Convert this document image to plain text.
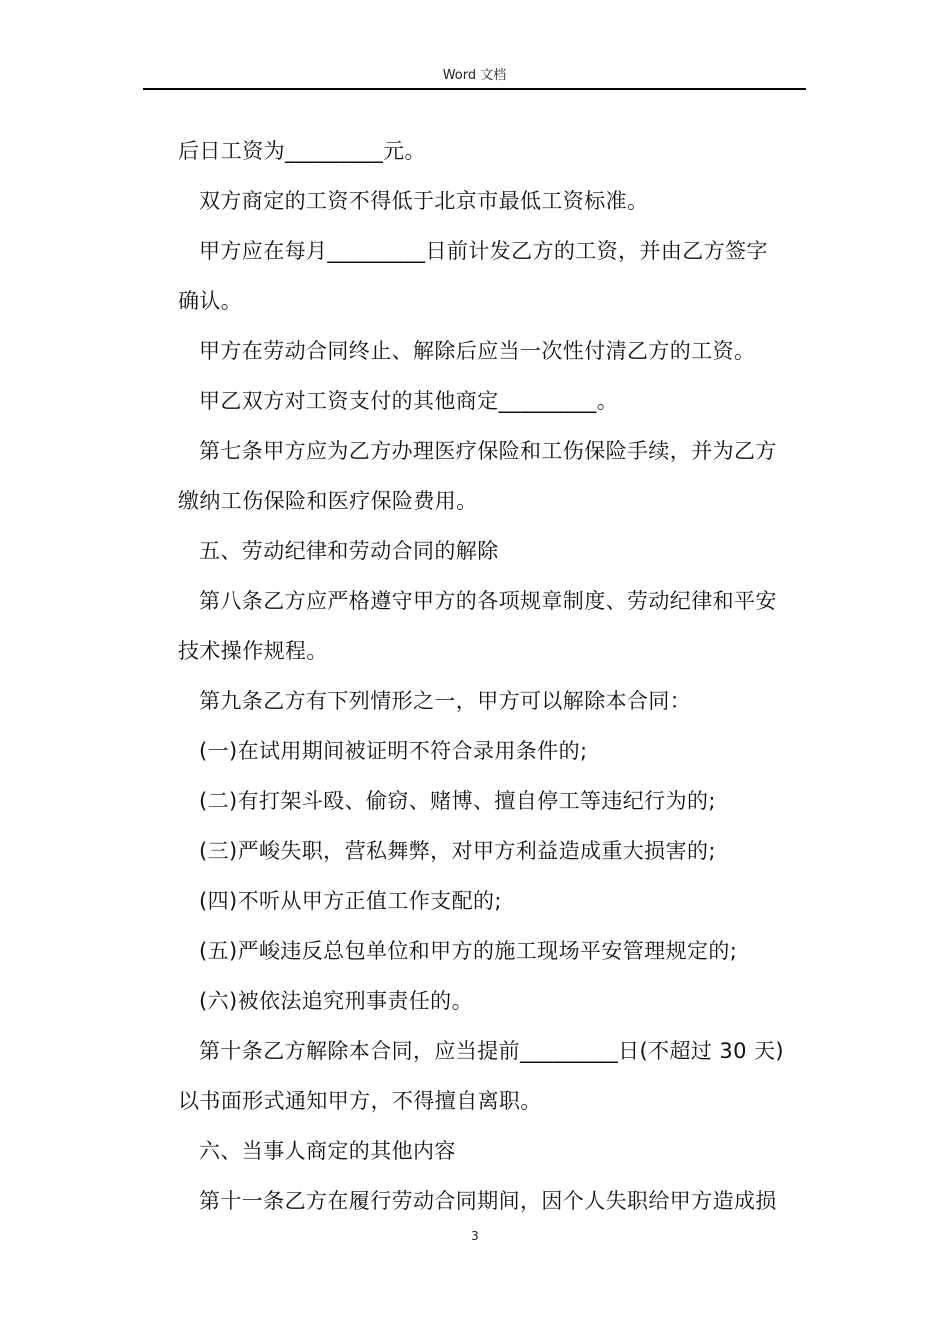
Word 文档

后日工资为_________元。

双方商定的工资不得低于北京市最低工资标准。

甲方应在每月_________日前计发乙方的工资，并由乙方签字

确认。

甲方在劳动合同终止、解除后应当一次性付清乙方的工资。

甲乙双方对工资支付的其他商定_________。

第七条甲方应为乙方办理医疗保险和工伤保险手续，并为乙方

缴纳工伤保险和医疗保险费用。

五、劳动纪律和劳动合同的解除

第八条乙方应严格遵守甲方的各项规章制度、劳动纪律和平安

技术操作规程。

第九条乙方有下列情形之一，甲方可以解除本合同：

(一)在试用期间被证明不符合录用条件的;

(二)有打架斗殴、偷窃、赌博、擅自停工等违纪行为的;

(三)严峻失职，营私舞弊，对甲方利益造成重大损害的;

(四)不听从甲方正值工作支配的;

(五)严峻违反总包单位和甲方的施工现场平安管理规定的;

(六)被依法追究刑事责任的。

第十条乙方解除本合同，应当提前_________日(不超过 30 天)

以书面形式通知甲方，不得擅自离职。

六、当事人商定的其他内容

第十一条乙方在履行劳动合同期间，因个人失职给甲方造成损

3
